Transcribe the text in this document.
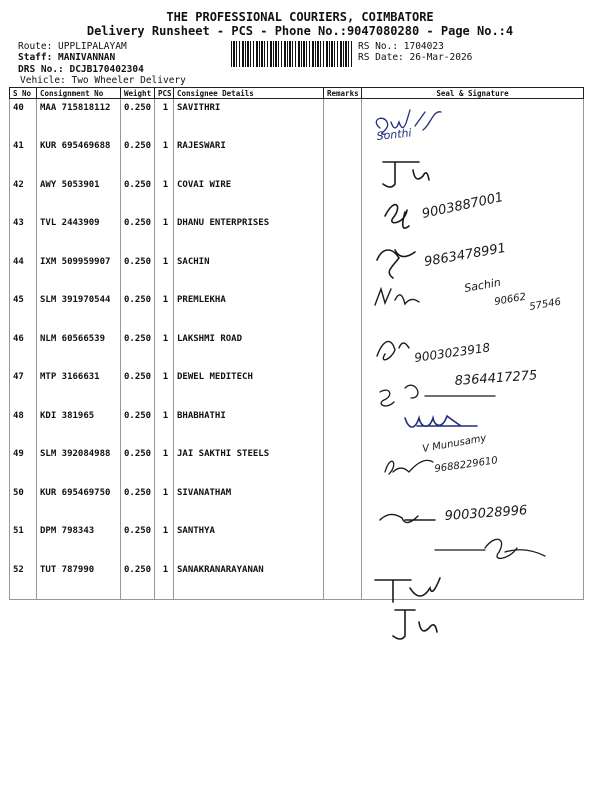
THE PROFESSIONAL COURIERS, COIMBATORE
Delivery Runsheet - PCS - Phone No.:9047080280 - Page No.:4
Route: UPPLIPALAYAM
Staff: MANIVANNAN
DRS No.: DCJB170402304
Vehicle: Two Wheeler Delivery
RS No.: 1704023
RS Date: 26-Mar-2026
S No	Consignment No	Weight	PCS	Consignee Details	Remarks	Seal & Signature
40	MAA 715818112	0.250	1	SAVITHRI		
41	KUR 695469688	0.250	1	RAJESWARI		
42	AWY 5053901	0.250	1	COVAI WIRE		
43	TVL 2443909	0.250	1	DHANU ENTERPRISES		
44	IXM 509959907	0.250	1	SACHIN		
45	SLM 391970544	0.250	1	PREMLEKHA		
46	NLM 60566539	0.250	1	LAKSHMI ROAD		
47	MTP 3166631	0.250	1	DEWEL MEDITECH		
48	KDI 381965	0.250	1	BHABHATHI		
49	SLM 392084988	0.250	1	JAI SAKTHI STEELS		
50	KUR 695469750	0.250	1	SIVANATHAM		
51	DPM 798343	0.250	1	SANTHYA		
52	TUT 787990	0.250	1	SANAKRANARAYANAN		
Sonthi
9003887001
9863478991
Sachin
90662 57546
9003023918
8364417275
V Munusamy
9688229610
9003028996
